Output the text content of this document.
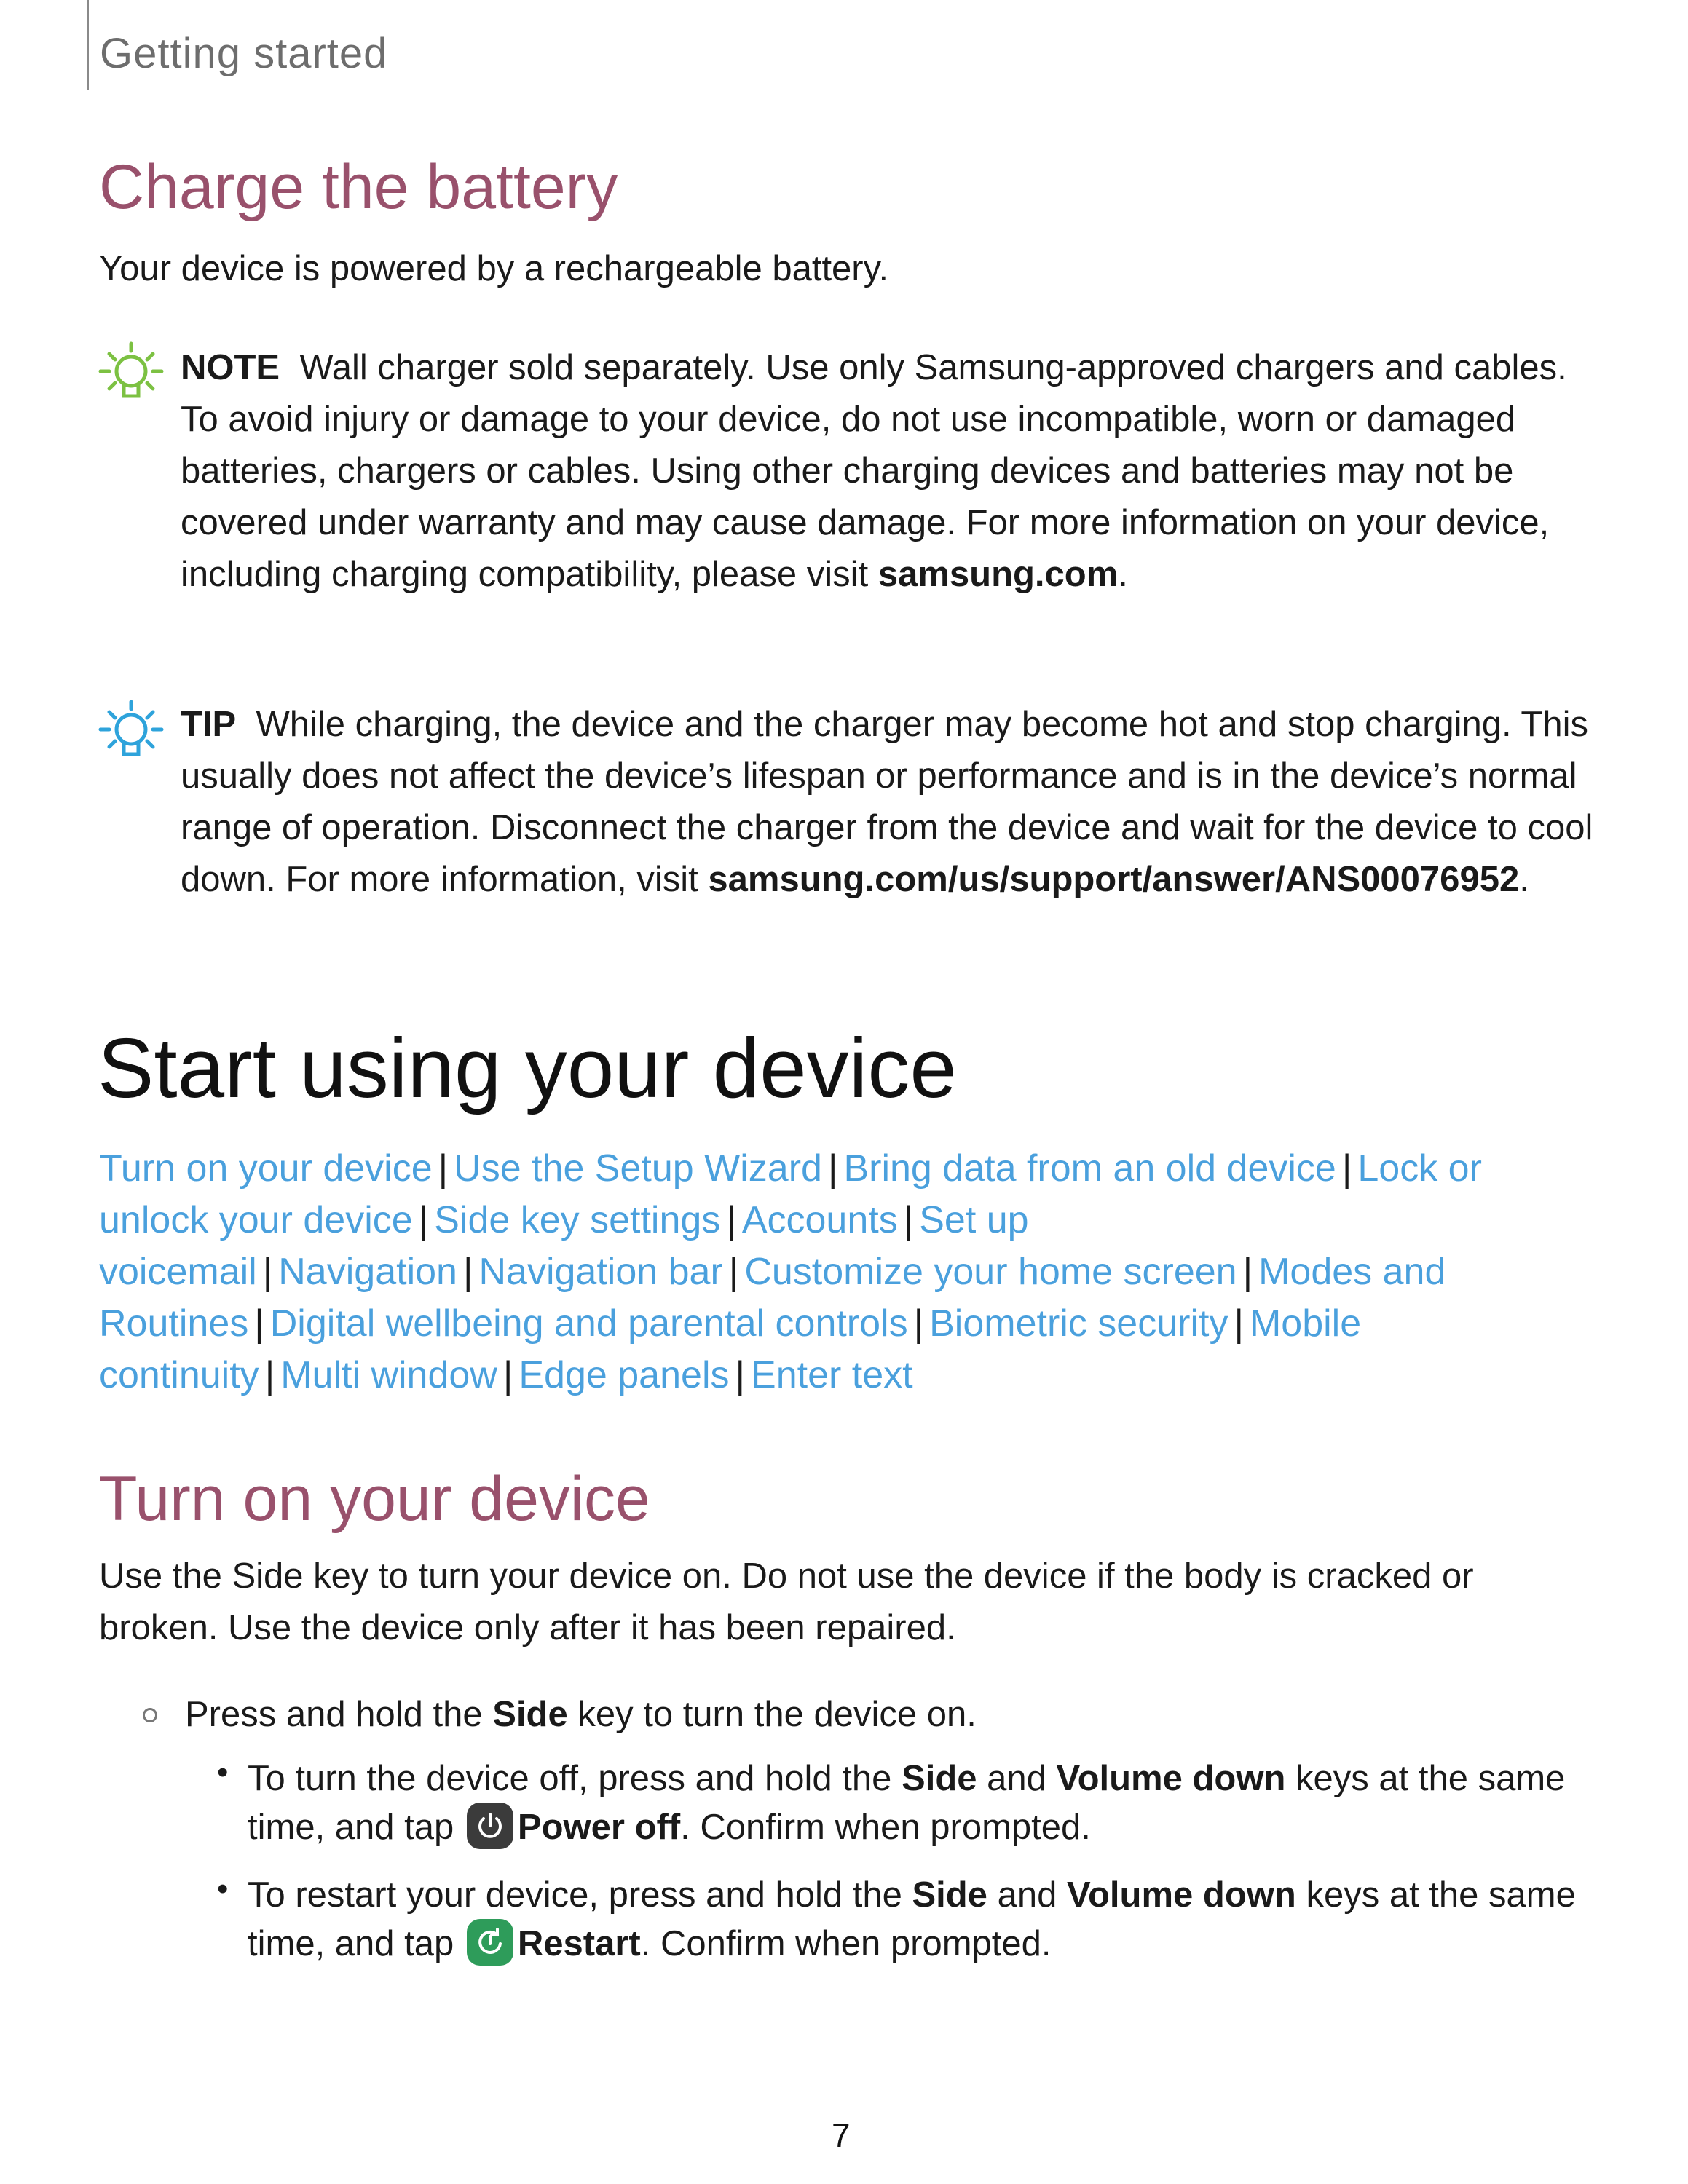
Getting started
Charge the battery

Your device is powered by a rechargeable battery.

NOTE Wall charger sold separately. Use only Samsung-approved chargers and cables. To avoid injury or damage to your device, do not use incompatible, worn or damaged batteries, chargers or cables. Using other charging devices and batteries may not be covered under warranty and may cause damage. For more information on your device, including charging compatibility, please visit samsung.com.

TIP While charging, the device and the charger may become hot and stop charging. This usually does not affect the device’s lifespan or performance and is in the device’s normal range of operation. Disconnect the charger from the device and wait for the device to cool down. For more information, visit samsung.com/us/support/answer/ANS00076952.

Start using your device
Turn on your device | Use the Setup Wizard | Bring data from an old device | Lock or unlock your device | Side key settings | Accounts | Set up voicemail | Navigation | Navigation bar | Customize your home screen | Modes and Routines | Digital wellbeing and parental controls | Biometric security | Mobile continuity | Multi window | Edge panels | Enter text
Turn on your device

Use the Side key to turn your device on. Do not use the device if the body is cracked or broken. Use the device only after it has been repaired.

Press and hold the Side key to turn the device on.
• To turn the device off, press and hold the Side and Volume down keys at the same time, and tap Power off. Confirm when prompted.
• To restart your device, press and hold the Side and Volume down keys at the same time, and tap Restart. Confirm when prompted.
7
